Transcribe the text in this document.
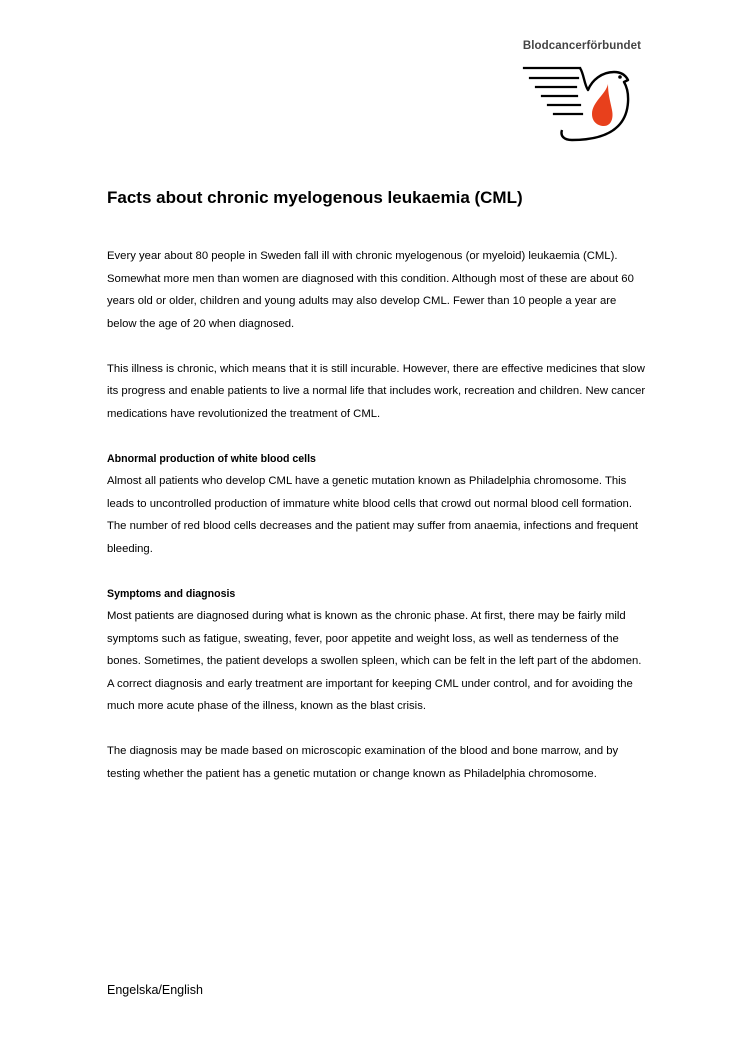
Blodcancerförbundet
Facts about chronic myelogenous leukaemia (CML)

Every year about 80 people in Sweden fall ill with chronic myelogenous (or myeloid) leukaemia (CML). Somewhat more men than women are diagnosed with this condition. Although most of these are about 60 years old or older, children and young adults may also develop CML. Fewer than 10 people a year are below the age of 20 when diagnosed.

This illness is chronic, which means that it is still incurable. However, there are effective medicines that slow its progress and enable patients to live a normal life that includes work, recreation and children. New cancer medications have revolutionized the treatment of CML.

Abnormal production of white blood cells

Almost all patients who develop CML have a genetic mutation known as Philadelphia chromosome. This leads to uncontrolled production of immature white blood cells that crowd out normal blood cell formation. The number of red blood cells decreases and the patient may suffer from anaemia, infections and frequent bleeding.

Symptoms and diagnosis

Most patients are diagnosed during what is known as the chronic phase. At first, there may be fairly mild symptoms such as fatigue, sweating, fever, poor appetite and weight loss, as well as tenderness of the bones. Sometimes, the patient develops a swollen spleen, which can be felt in the left part of the abdomen. A correct diagnosis and early treatment are important for keeping CML under control, and for avoiding the much more acute phase of the illness, known as the blast crisis.

The diagnosis may be made based on microscopic examination of the blood and bone marrow, and by testing whether the patient has a genetic mutation or change known as Philadelphia chromosome.

Engelska/English
